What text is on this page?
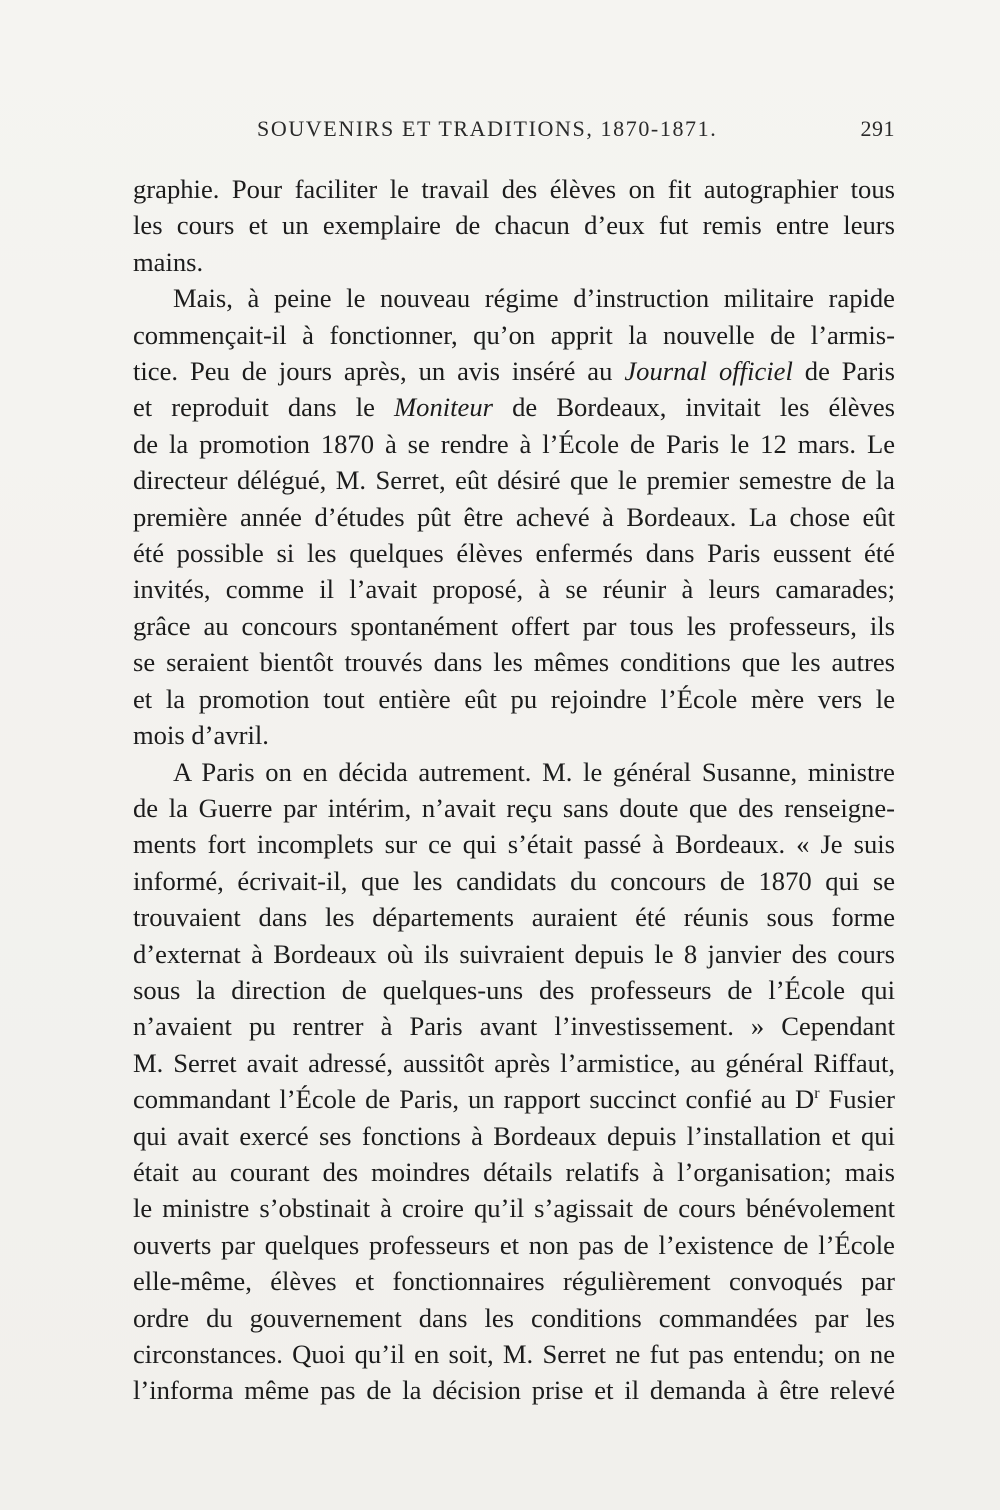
SOUVENIRS ET TRADITIONS, 1870-1871.	291

graphie. Pour faciliter le travail des élèves on fit autographier tous

les cours et un exemplaire de chacun d’eux fut remis entre leurs

mains.

Mais, à peine le nouveau régime d’instruction militaire rapide

commençait-il à fonctionner, qu’on apprit la nouvelle de l’armis-

tice. Peu de jours après, un avis inséré au Journal officiel de Paris

et reproduit dans le Moniteur de Bordeaux, invitait les élèves

de la promotion 1870 à se rendre à l’École de Paris le 12 mars. Le

directeur délégué, M. Serret, eût désiré que le premier semestre de la

première année d’études pût être achevé à Bordeaux. La chose eût

été possible si les quelques élèves enfermés dans Paris eussent été

invités, comme il l’avait proposé, à se réunir à leurs camarades;

grâce au concours spontanément offert par tous les professeurs, ils

se seraient bientôt trouvés dans les mêmes conditions que les autres

et la promotion tout entière eût pu rejoindre l’École mère vers le

mois d’avril.

A Paris on en décida autrement. M. le général Susanne, ministre

de la Guerre par intérim, n’avait reçu sans doute que des renseigne-

ments fort incomplets sur ce qui s’était passé à Bordeaux. « Je suis

informé, écrivait-il, que les candidats du concours de 1870 qui se

trouvaient dans les départements auraient été réunis sous forme

d’externat à Bordeaux où ils suivraient depuis le 8 janvier des cours

sous la direction de quelques-uns des professeurs de l’École qui

n’avaient pu rentrer à Paris avant l’investissement. » Cependant

M. Serret avait adressé, aussitôt après l’armistice, au général Riffaut,

commandant l’École de Paris, un rapport succinct confié au $D^r$ Fusier

qui avait exercé ses fonctions à Bordeaux depuis l’installation et qui

était au courant des moindres détails relatifs à l’organisation; mais

le ministre s’obstinait à croire qu’il s’agissait de cours bénévolement

ouverts par quelques professeurs et non pas de l’existence de l’École

elle-même, élèves et fonctionnaires régulièrement convoqués par

ordre du gouvernement dans les conditions commandées par les

circonstances. Quoi qu’il en soit, M. Serret ne fut pas entendu; on ne

l’informa même pas de la décision prise et il demanda à être relevé
